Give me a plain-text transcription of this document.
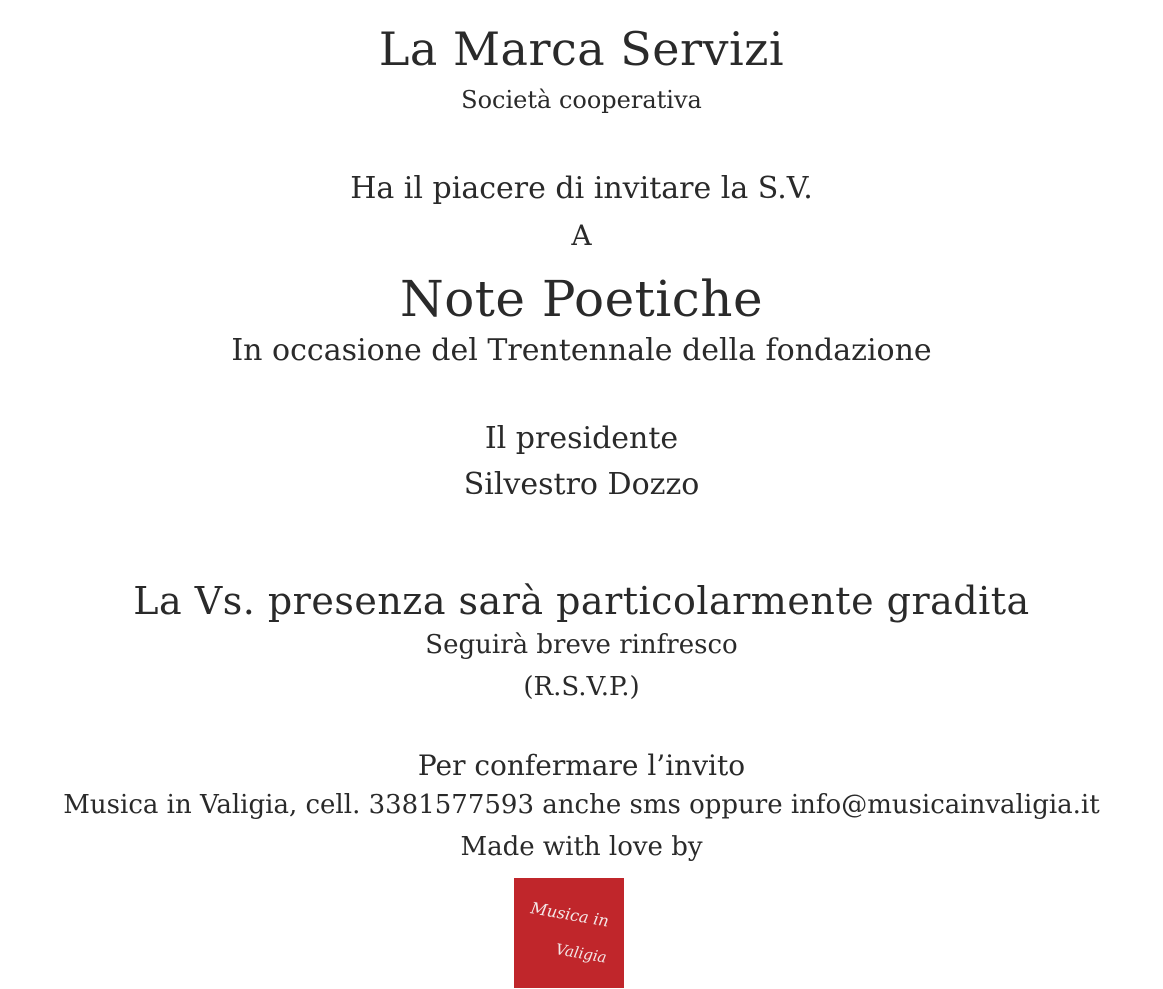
La Marca Servizi
Società cooperativa
Ha il piacere di invitare la S.V.
A
Note Poetiche
In occasione del Trentennale della fondazione
Il presidente
Silvestro Dozzo
La Vs. presenza sarà particolarmente gradita
Seguirà breve rinfresco
(R.S.V.P.)
Per confermare l’invito
Musica in Valigia, cell. 3381577593 anche sms oppure info@musicainvaligia.it
Made with love by
Musica in
Valigia
